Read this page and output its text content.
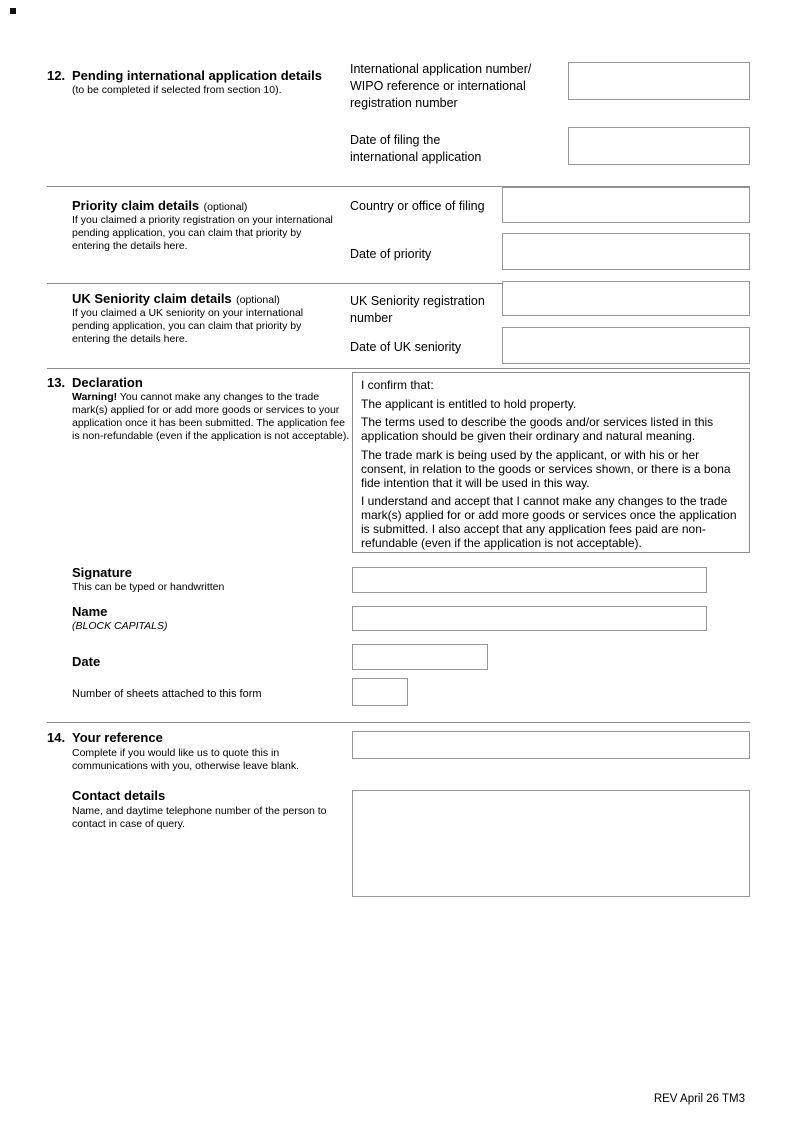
12. Pending international application details
(to be completed if selected from section 10).
International application number/ WIPO reference or international registration number
Date of filing the international application
Priority claim details (optional)
If you claimed a priority registration on your international pending application, you can claim that priority by entering the details here.
Country or office of filing
Date of priority
UK Seniority claim details (optional)
If you claimed a UK seniority on your international pending application, you can claim that priority by entering the details here.
UK Seniority registration number
Date of UK seniority
13. Declaration
Warning! You cannot make any changes to the trade mark(s) applied for or add more goods or services to your application once it has been submitted. The application fee is non-refundable (even if the application is not acceptable).

I confirm that:

The applicant is entitled to hold property.

The terms used to describe the goods and/or services listed in this application should be given their ordinary and natural meaning.

The trade mark is being used by the applicant, or with his or her consent, in relation to the goods or services shown, or there is a bona fide intention that it will be used in this way.

I understand and accept that I cannot make any changes to the trade mark(s) applied for or add more goods or services once the application is submitted. I also accept that any application fees paid are non-refundable (even if the application is not acceptable).

Signature
This can be typed or handwritten
Name
(BLOCK CAPITALS)
Date
Number of sheets attached to this form
14. Your reference
Complete if you would like us to quote this in communications with you, otherwise leave blank.
Contact details
Name, and daytime telephone number of the person to contact in case of query.
REV April 26 TM3
